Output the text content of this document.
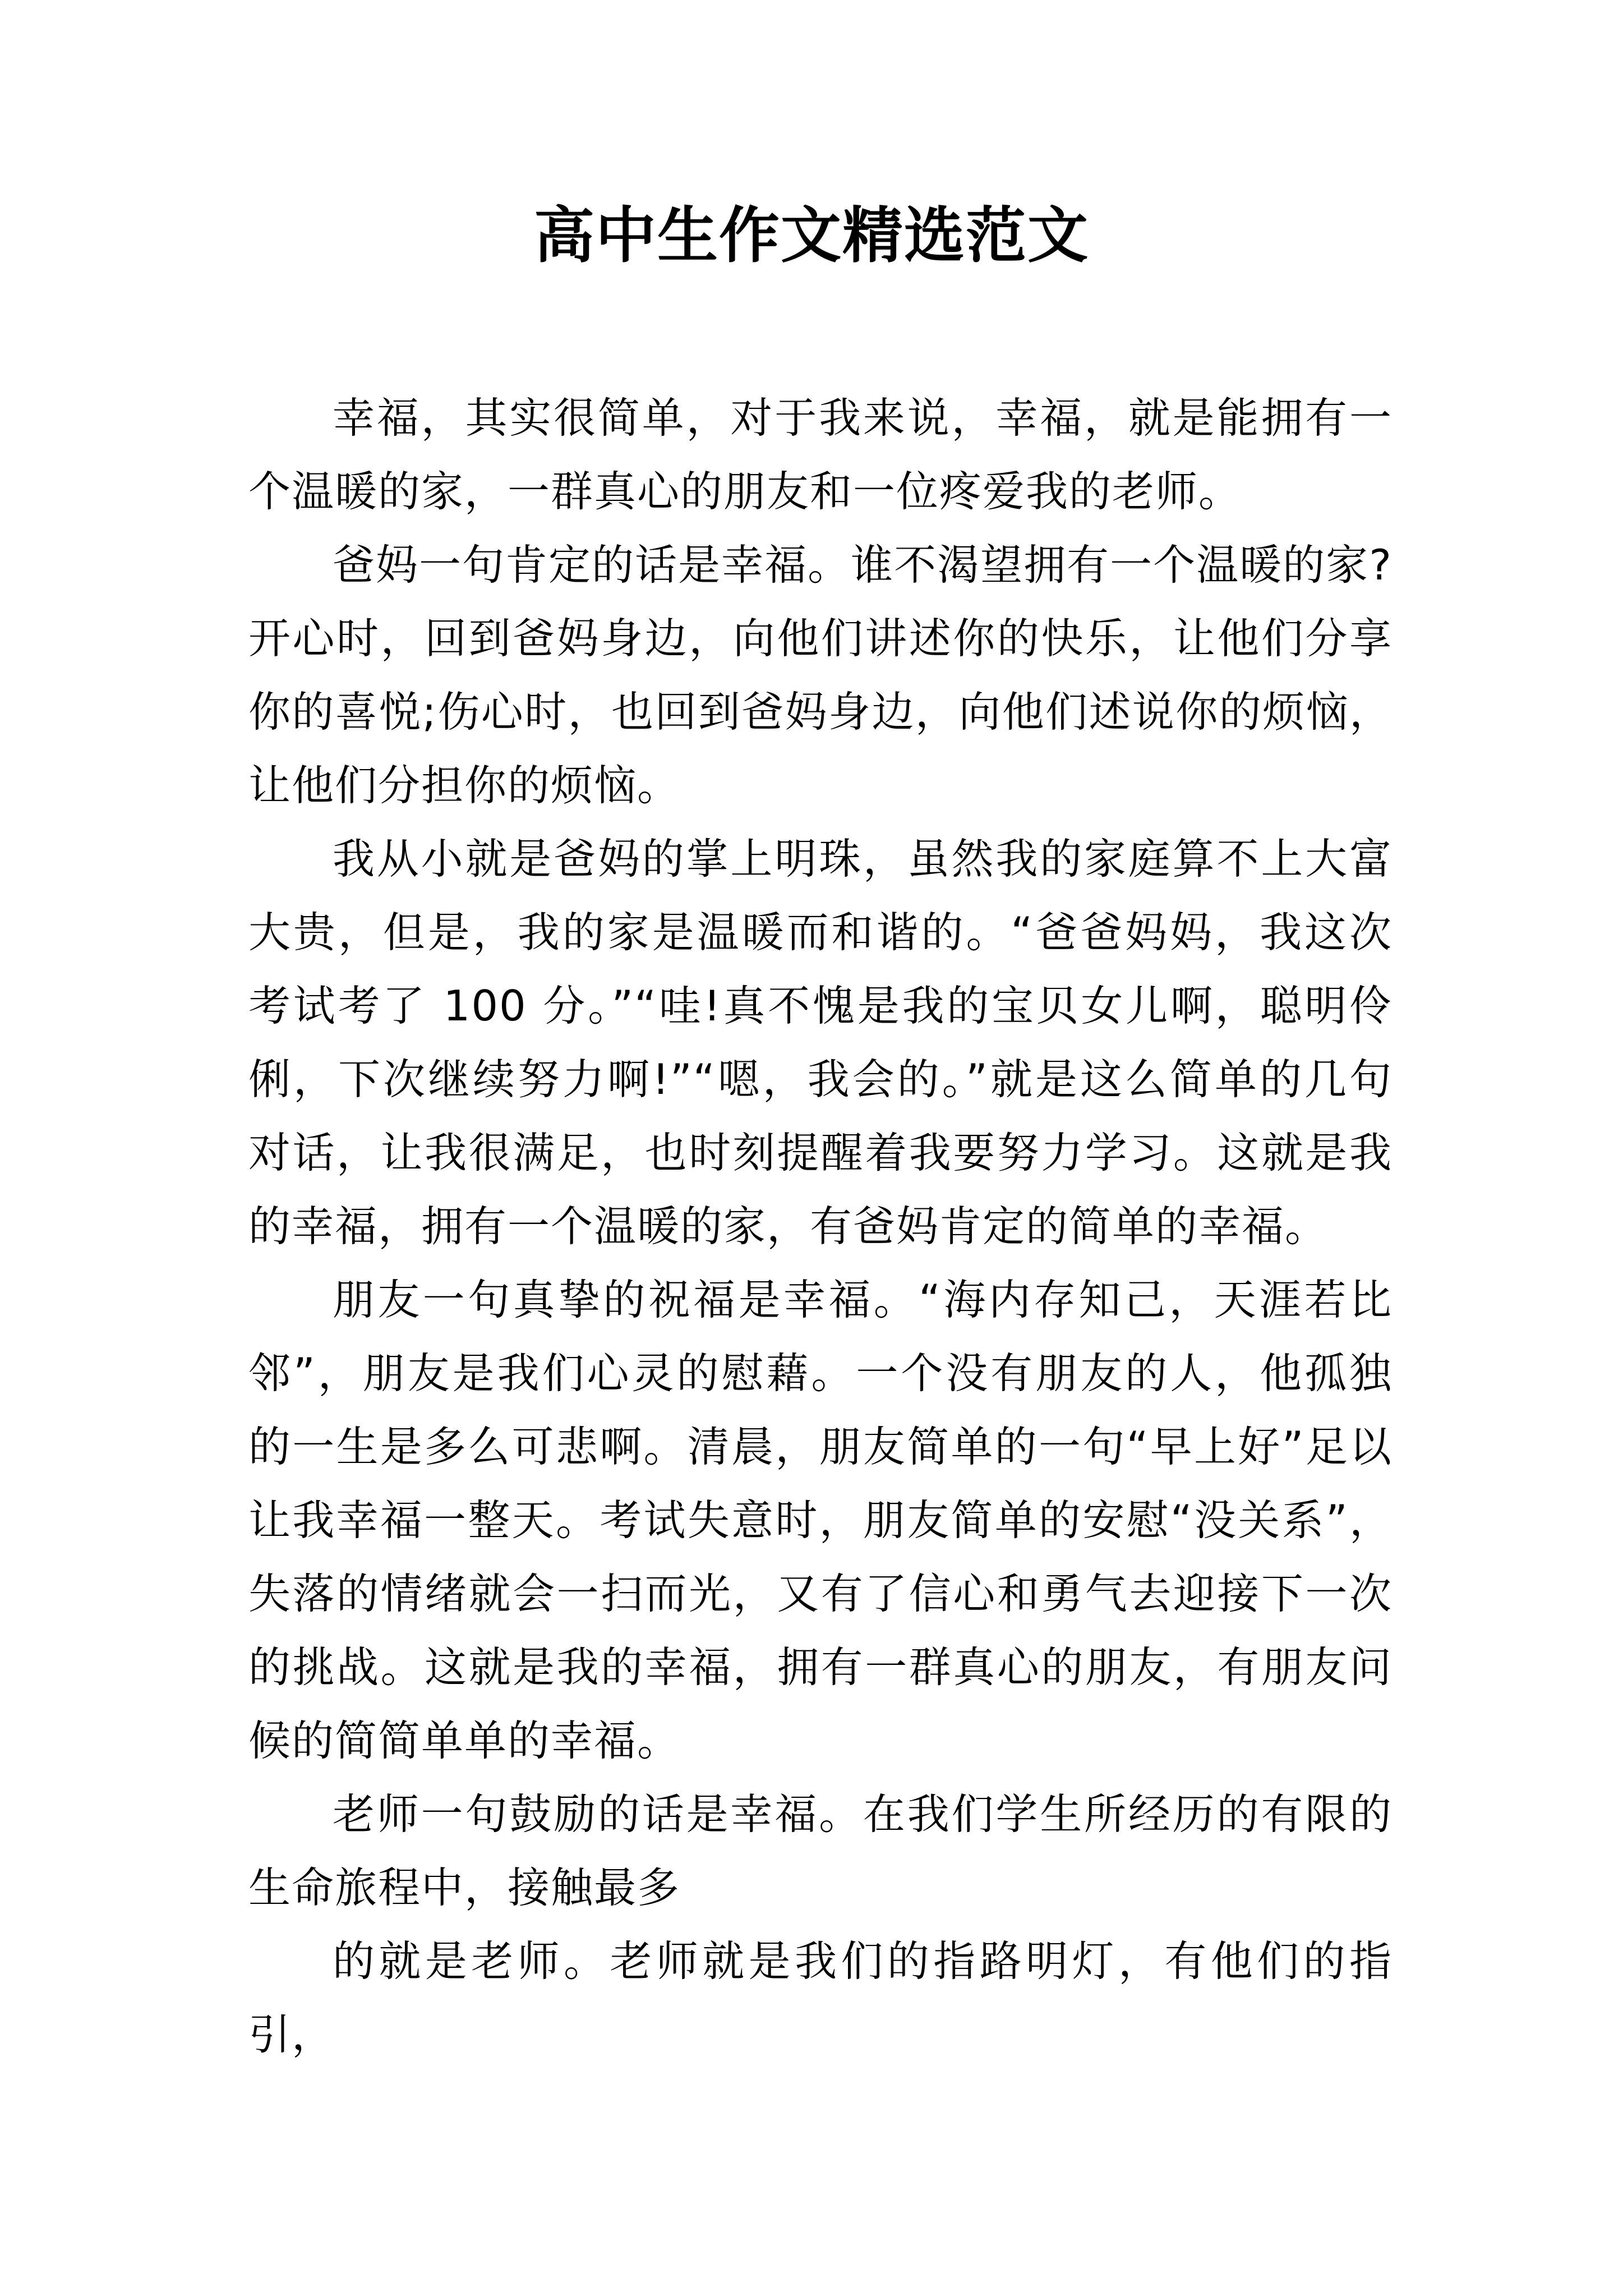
高中生作文精选范文

幸福，其实很简单，对于我来说，幸福，就是能拥有一个温暖的家，一群真心的朋友和一位疼爱我的老师。

爸妈一句肯定的话是幸福。谁不渴望拥有一个温暖的家?开心时，回到爸妈身边，向他们讲述你的快乐，让他们分享你的喜悦;伤心时，也回到爸妈身边，向他们述说你的烦恼，让他们分担你的烦恼。

我从小就是爸妈的掌上明珠，虽然我的家庭算不上大富大贵，但是，我的家是温暖而和谐的。“爸爸妈妈，我这次考试考了 100 分。”“哇!真不愧是我的宝贝女儿啊，聪明伶俐，下次继续努力啊!”“嗯，我会的。”就是这么简单的几句对话，让我很满足，也时刻提醒着我要努力学习。这就是我的幸福，拥有一个温暖的家，有爸妈肯定的简单的幸福。

朋友一句真挚的祝福是幸福。“海内存知己，天涯若比邻”，朋友是我们心灵的慰藉。一个没有朋友的人，他孤独的一生是多么可悲啊。清晨，朋友简单的一句“早上好”足以让我幸福一整天。考试失意时，朋友简单的安慰“没关系”，失落的情绪就会一扫而光，又有了信心和勇气去迎接下一次的挑战。这就是我的幸福，拥有一群真心的朋友，有朋友问候的简简单单的幸福。

老师一句鼓励的话是幸福。在我们学生所经历的有限的生命旅程中，接触最多

的就是老师。老师就是我们的指路明灯，有他们的指引，
